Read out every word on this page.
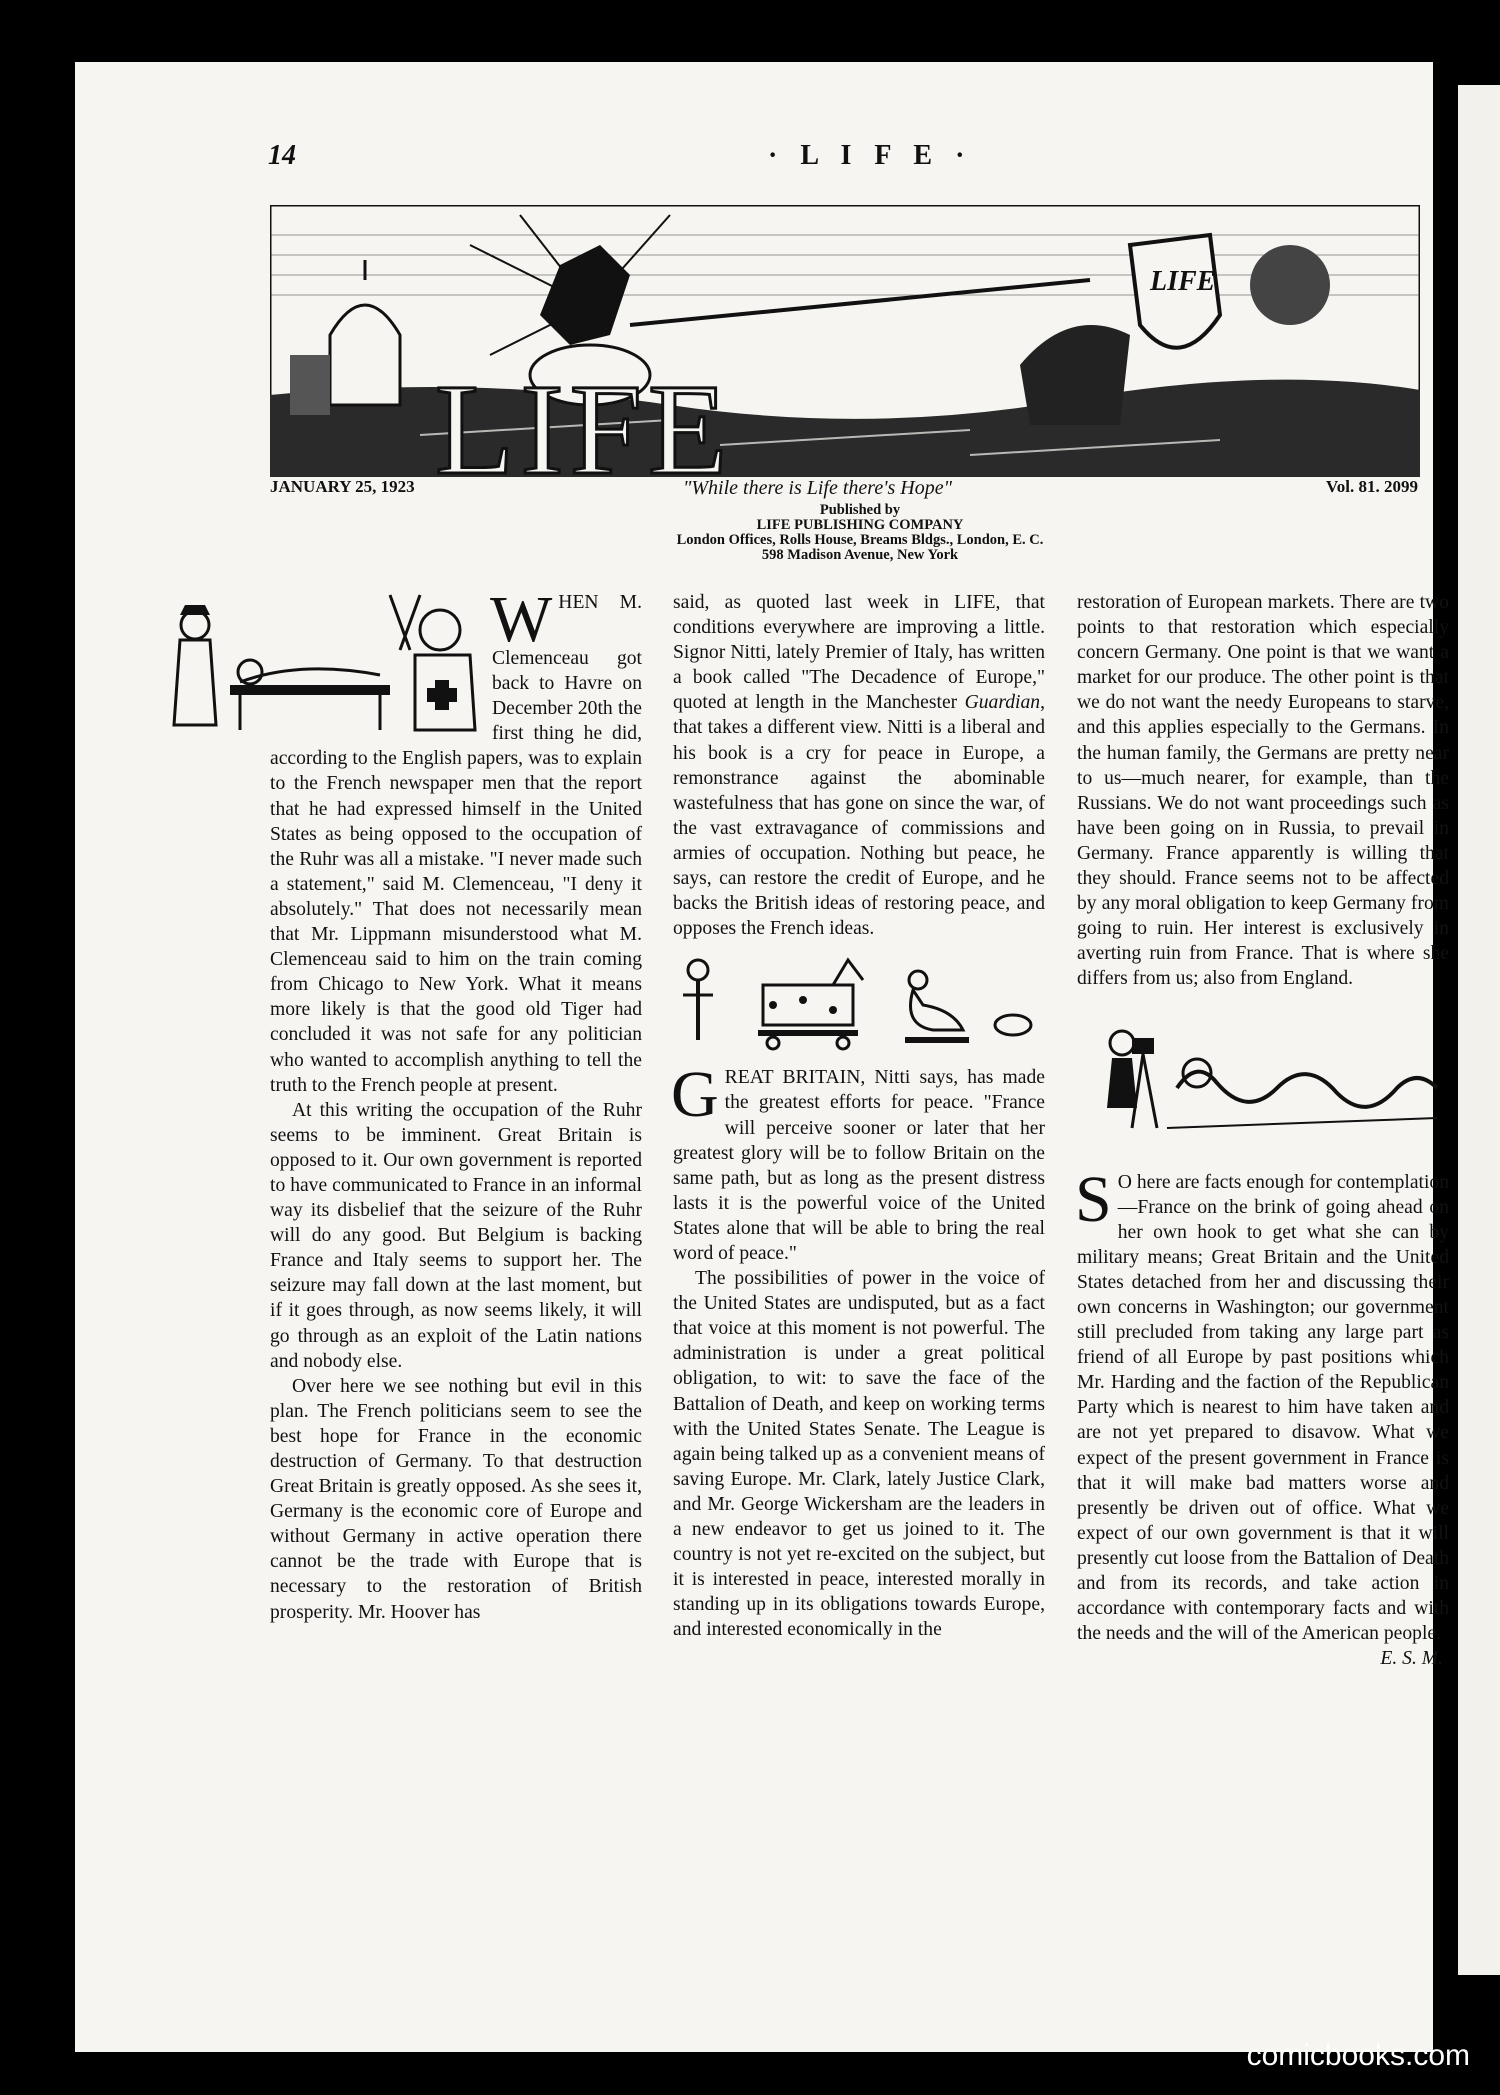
14	· L I F E ·
LIFE
LIFE
JANUARY 25, 1923	"While there is Life there's Hope"	Vol. 81. 2099
Published by
LIFE PUBLISHING COMPANY
London Offices, Rolls House, Breams Bldgs., London, E. C.
598 Madison Avenue, New York

WHEN M. Clemenceau got back to Havre on December 20th the first thing he did, according to the English papers, was to explain to the French newspaper men that the report that he had expressed himself in the United States as being opposed to the occupation of the Ruhr was all a mistake. "I never made such a statement," said M. Clemenceau, "I deny it absolutely." That does not necessarily mean that Mr. Lippmann misunderstood what M. Clemenceau said to him on the train coming from Chicago to New York. What it means more likely is that the good old Tiger had concluded it was not safe for any politician who wanted to accomplish anything to tell the truth to the French people at present.

At this writing the occupation of the Ruhr seems to be imminent. Great Britain is opposed to it. Our own government is reported to have communicated to France in an informal way its disbelief that the seizure of the Ruhr will do any good. But Belgium is backing France and Italy seems to support her. The seizure may fall down at the last moment, but if it goes through, as now seems likely, it will go through as an exploit of the Latin nations and nobody else.

Over here we see nothing but evil in this plan. The French politicians seem to see the best hope for France in the economic destruction of Germany. To that destruction Great Britain is greatly opposed. As she sees it, Germany is the economic core of Europe and without Germany in active operation there cannot be the trade with Europe that is necessary to the restoration of British prosperity. Mr. Hoover has

said, as quoted last week in LIFE, that conditions everywhere are improving a little. Signor Nitti, lately Premier of Italy, has written a book called "The Decadence of Europe," quoted at length in the Manchester Guardian, that takes a different view. Nitti is a liberal and his book is a cry for peace in Europe, a remonstrance against the abominable wastefulness that has gone on since the war, of the vast extravagance of commissions and armies of occupation. Nothing but peace, he says, can restore the credit of Europe, and he backs the British ideas of restoring peace, and opposes the French ideas.

GREAT BRITAIN, Nitti says, has made the greatest efforts for peace. "France will perceive sooner or later that her greatest glory will be to follow Britain on the same path, but as long as the present distress lasts it is the powerful voice of the United States alone that will be able to bring the real word of peace."

The possibilities of power in the voice of the United States are undisputed, but as a fact that voice at this moment is not powerful. The administration is under a great political obligation, to wit: to save the face of the Battalion of Death, and keep on working terms with the United States Senate. The League is again being talked up as a convenient means of saving Europe. Mr. Clark, lately Justice Clark, and Mr. George Wickersham are the leaders in a new endeavor to get us joined to it. The country is not yet re-excited on the subject, but it is interested in peace, interested morally in standing up in its obligations towards Europe, and interested economically in the

restoration of European markets. There are two points to that restoration which especially concern Germany. One point is that we want a market for our produce. The other point is that we do not want the needy Europeans to starve, and this applies especially to the Germans. In the human family, the Germans are pretty near to us—much nearer, for example, than the Russians. We do not want proceedings such as have been going on in Russia, to prevail in Germany. France apparently is willing that they should. France seems not to be affected by any moral obligation to keep Germany from going to ruin. Her interest is exclusively in averting ruin from France. That is where she differs from us; also from England.

S O here are facts enough for contemplation—France on the brink of going ahead on her own hook to get what she can by military means; Great Britain and the United States detached from her and discussing their own concerns in Washington; our government still precluded from taking any large part as friend of all Europe by past positions which Mr. Harding and the faction of the Republican Party which is nearest to him have taken and are not yet prepared to disavow. What we expect of the present government in France is that it will make bad matters worse and presently be driven out of office. What we expect of our own government is that it will presently cut loose from the Battalion of Death and from its records, and take action in accordance with contemporary facts and with the needs and the will of the American people.
E. S. M.

comicbooks.com
